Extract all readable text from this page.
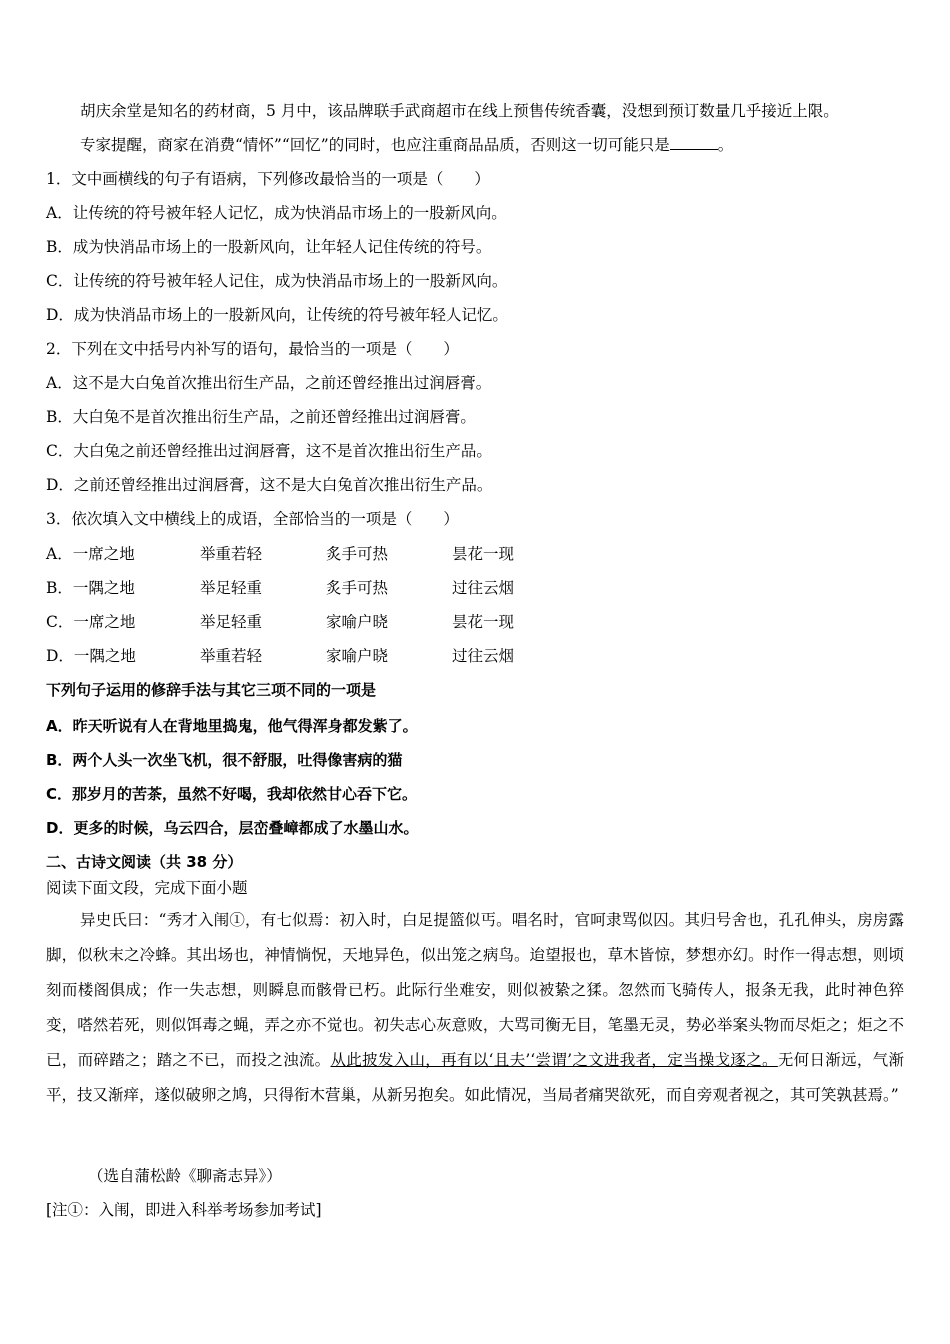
胡庆余堂是知名的药材商，5 月中，该品牌联手武商超市在线上预售传统香囊，没想到预订数量几乎接近上限。
专家提醒，商家在消费“情怀”“回忆”的同时，也应注重商品品质，否则这一切可能只是	。
1．文中画横线的句子有语病，下列修改最恰当的一项是（　　）
A．让传统的符号被年轻人记忆，成为快消品市场上的一股新风向。
B．成为快消品市场上的一股新风向，让年轻人记住传统的符号。
C．让传统的符号被年轻人记住，成为快消品市场上的一股新风向。
D．成为快消品市场上的一股新风向，让传统的符号被年轻人记忆。
2．下列在文中括号内补写的语句，最恰当的一项是（　　）
A．这不是大白兔首次推出衍生产品，之前还曾经推出过润唇膏。
B．大白兔不是首次推出衍生产品，之前还曾经推出过润唇膏。
C．大白兔之前还曾经推出过润唇膏，这不是首次推出衍生产品。
D．之前还曾经推出过润唇膏，这不是大白兔首次推出衍生产品。
3．依次填入文中横线上的成语，全部恰当的一项是（　　）
A．一席之地	举重若轻	炙手可热	昙花一现
B．一隅之地	举足轻重	炙手可热	过往云烟
C．一席之地	举足轻重	家喻户晓	昙花一现
D．一隅之地	举重若轻	家喻户晓	过往云烟
下列句子运用的修辞手法与其它三项不同的一项是
A．昨天听说有人在背地里捣鬼，他气得浑身都发紫了。
B．两个人头一次坐飞机，很不舒服，吐得像害病的猫
C．那岁月的苦茶，虽然不好喝，我却依然甘心吞下它。
D．更多的时候，乌云四合，层峦叠嶂都成了水墨山水。
二、古诗文阅读（共 38 分）
阅读下面文段，完成下面小题
异史氏曰：“秀才入闱①，有七似焉：初入时，白足提篮似丐。唱名时，官呵隶骂似囚。其归号舍也，孔孔伸头，房房露脚，似秋末之冷蜂。其出场也，神情惝怳，天地异色，似出笼之病鸟。迨望报也，草木皆惊，梦想亦幻。时作一得志想，则顷刻而楼阁俱成；作一失志想，则瞬息而骸骨已朽。此际行坐难安，则似被絷之猱。忽然而飞骑传人，报条无我，此时神色猝变，嗒然若死，则似饵毒之蝇，弄之亦不觉也。初失志心灰意败，大骂司衡无目，笔墨无灵，势必举案头物而尽炬之；炬之不已，而碎踏之；踏之不已，而投之浊流。从此披发入山，再有以‘且夫’‘尝谓’之文进我者，定当操戈逐之。无何日渐远，气渐平，技又渐痒，遂似破卵之鸠，只得衔木营巢，从新另抱矣。如此情况，当局者痛哭欲死，而自旁观者视之，其可笑孰甚焉。”
（选自蒲松龄《聊斋志异》）
[注①：入闱，即进入科举考场参加考试]
